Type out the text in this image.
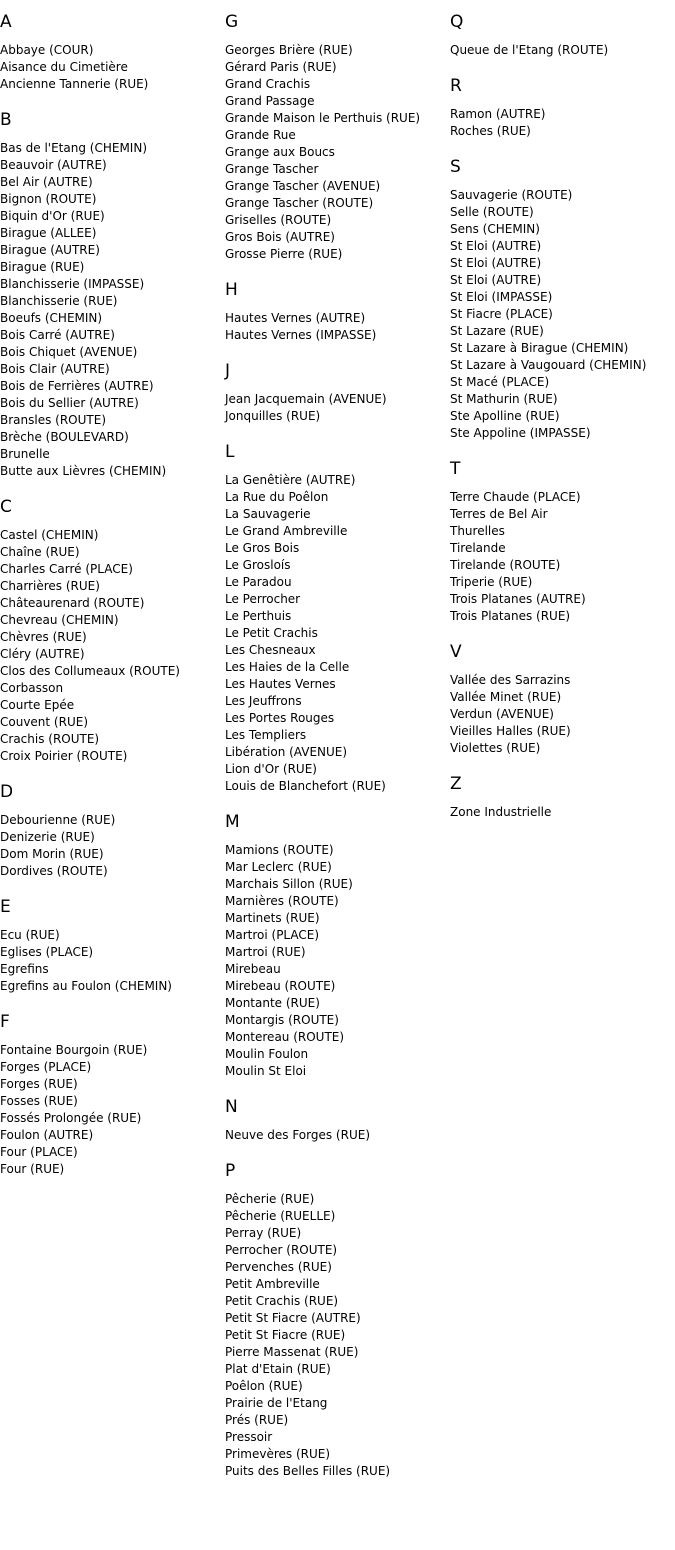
A
Abbaye (COUR)
Aisance du Cimetière
Ancienne Tannerie (RUE)
B
Bas de l'Etang (CHEMIN)
Beauvoir (AUTRE)
Bel Air (AUTRE)
Bignon (ROUTE)
Biquin d'Or (RUE)
Birague (ALLEE)
Birague (AUTRE)
Birague (RUE)
Blanchisserie (IMPASSE)
Blanchisserie (RUE)
Boeufs (CHEMIN)
Bois Carré (AUTRE)
Bois Chiquet (AVENUE)
Bois Clair (AUTRE)
Bois de Ferrières (AUTRE)
Bois du Sellier (AUTRE)
Bransles (ROUTE)
Brèche (BOULEVARD)
Brunelle
Butte aux Lièvres (CHEMIN)
C
Castel (CHEMIN)
Chaîne (RUE)
Charles Carré (PLACE)
Charrières (RUE)
Châteaurenard (ROUTE)
Chevreau (CHEMIN)
Chèvres (RUE)
Cléry (AUTRE)
Clos des Collumeaux (ROUTE)
Corbasson
Courte Epée
Couvent (RUE)
Crachis (ROUTE)
Croix Poirier (ROUTE)
D
Debourienne (RUE)
Denizerie (RUE)
Dom Morin (RUE)
Dordives (ROUTE)
E
Ecu (RUE)
Eglises (PLACE)
Egrefins
Egrefins au Foulon (CHEMIN)
F
Fontaine Bourgoin (RUE)
Forges (PLACE)
Forges (RUE)
Fosses (RUE)
Fossés Prolongée (RUE)
Foulon (AUTRE)
Four (PLACE)
Four (RUE)
G
Georges Brière (RUE)
Gérard Paris (RUE)
Grand Crachis
Grand Passage
Grande Maison le Perthuis (RUE)
Grande Rue
Grange aux Boucs
Grange Tascher
Grange Tascher (AVENUE)
Grange Tascher (ROUTE)
Griselles (ROUTE)
Gros Bois (AUTRE)
Grosse Pierre (RUE)
H
Hautes Vernes (AUTRE)
Hautes Vernes (IMPASSE)
J
Jean Jacquemain (AVENUE)
Jonquilles (RUE)
L
La Genêtière (AUTRE)
La Rue du Poêlon
La Sauvagerie
Le Grand Ambreville
Le Gros Bois
Le Grosloís
Le Paradou
Le Perrocher
Le Perthuis
Le Petit Crachis
Les Chesneaux
Les Haies de la Celle
Les Hautes Vernes
Les Jeuffrons
Les Portes Rouges
Les Templiers
Libération (AVENUE)
Lion d'Or (RUE)
Louis de Blanchefort (RUE)
M
Mamions (ROUTE)
Mar Leclerc (RUE)
Marchais Sillon (RUE)
Marnières (ROUTE)
Martinets (RUE)
Martroi (PLACE)
Martroi (RUE)
Mirebeau
Mirebeau (ROUTE)
Montante (RUE)
Montargis (ROUTE)
Montereau (ROUTE)
Moulin Foulon
Moulin St Eloi
N
Neuve des Forges (RUE)
P
Pêcherie (RUE)
Pêcherie (RUELLE)
Perray (RUE)
Perrocher (ROUTE)
Pervenches (RUE)
Petit Ambreville
Petit Crachis (RUE)
Petit St Fiacre (AUTRE)
Petit St Fiacre (RUE)
Pierre Massenat (RUE)
Plat d'Etain (RUE)
Poêlon (RUE)
Prairie de l'Etang
Prés (RUE)
Pressoir
Primevères (RUE)
Puits des Belles Filles (RUE)
Q
Queue de l'Etang (ROUTE)
R
Ramon (AUTRE)
Roches (RUE)
S
Sauvagerie (ROUTE)
Selle (ROUTE)
Sens (CHEMIN)
St Eloi (AUTRE)
St Eloi (AUTRE)
St Eloi (AUTRE)
St Eloi (IMPASSE)
St Fiacre (PLACE)
St Lazare (RUE)
St Lazare à Birague (CHEMIN)
St Lazare à Vaugouard (CHEMIN)
St Macé (PLACE)
St Mathurin (RUE)
Ste Apolline (RUE)
Ste Appoline (IMPASSE)
T
Terre Chaude (PLACE)
Terres de Bel Air
Thurelles
Tirelande
Tirelande (ROUTE)
Triperie (RUE)
Trois Platanes (AUTRE)
Trois Platanes (RUE)
V
Vallée des Sarrazins
Vallée Minet (RUE)
Verdun (AVENUE)
Vieilles Halles (RUE)
Violettes (RUE)
Z
Zone Industrielle
